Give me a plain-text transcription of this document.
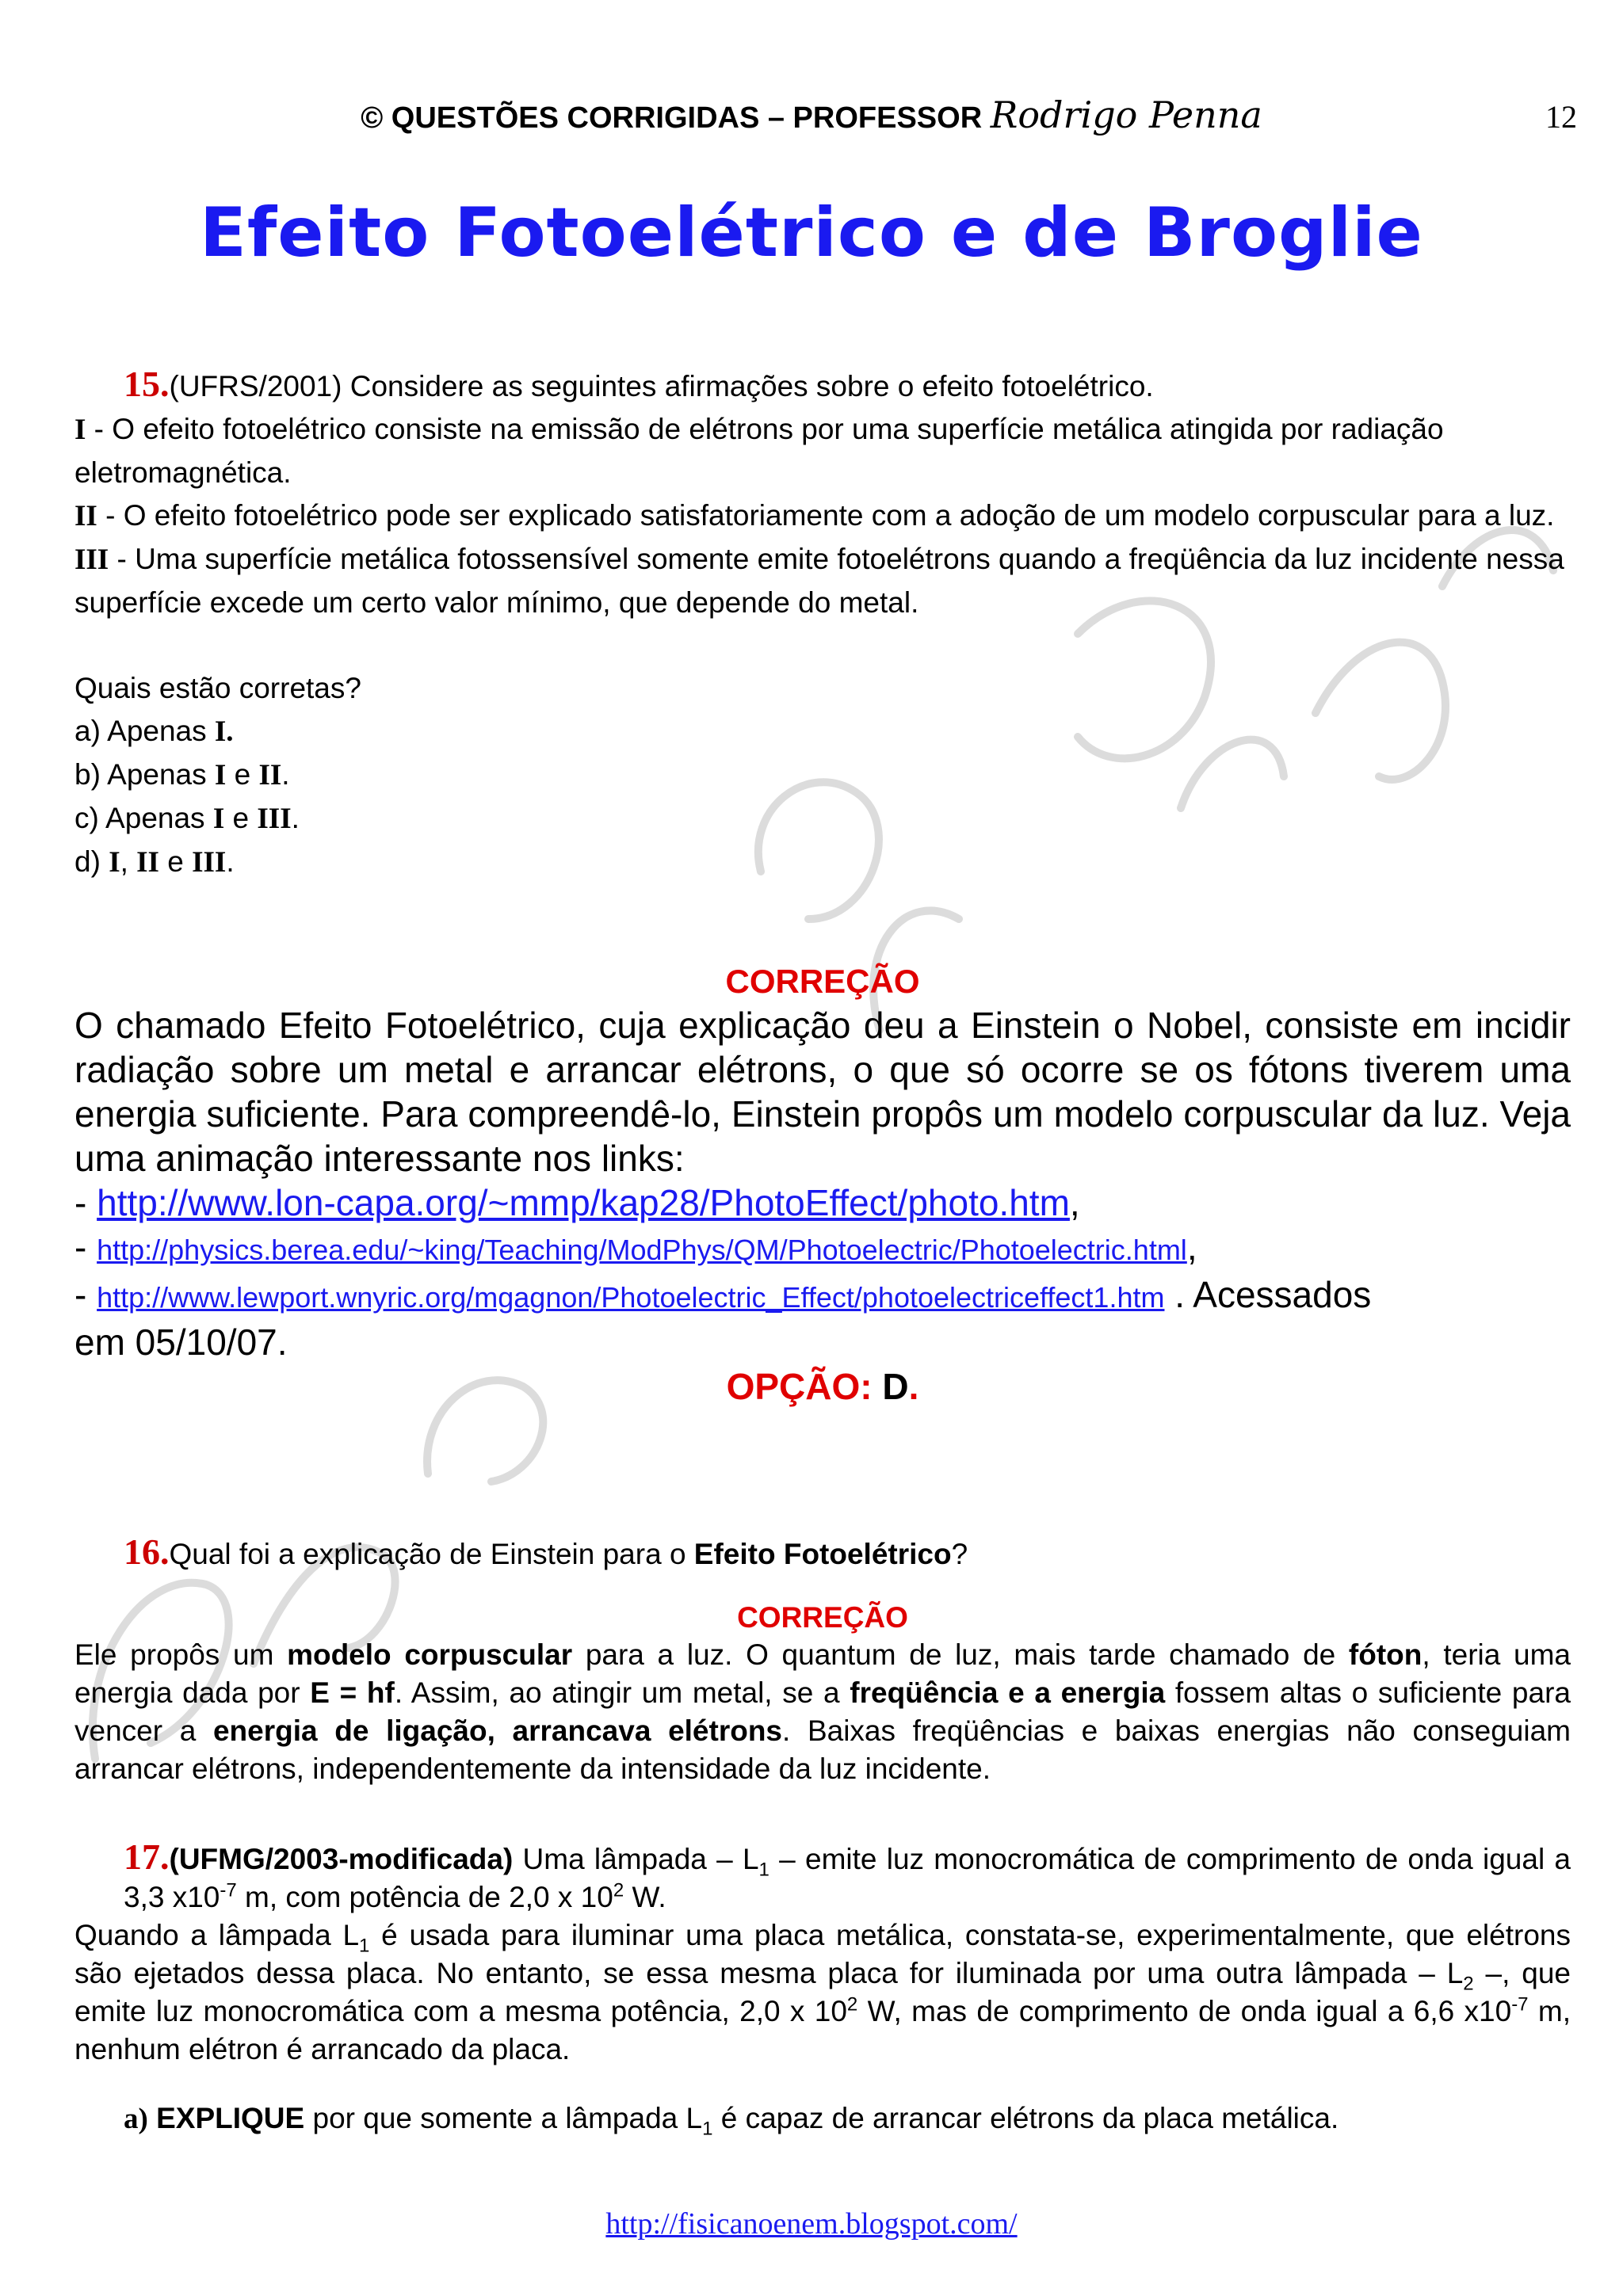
© QUESTÕES CORRIGIDAS – PROFESSOR Rodrigo Penna	12
Efeito Fotoelétrico e de Broglie

15.(UFRS/2001) Considere as seguintes afirmações sobre o efeito fotoelétrico.

I - O efeito fotoelétrico consiste na emissão de elétrons por uma superfície metálica atingida por radiação eletromagnética.

II - O efeito fotoelétrico pode ser explicado satisfatoriamente com a adoção de um modelo corpuscular para a luz.

III - Uma superfície metálica fotossensível somente emite fotoelétrons quando a freqüência da luz incidente nessa superfície excede um certo valor mínimo, que depende do metal.

Quais estão corretas?

a) Apenas I.

b) Apenas I e II.

c) Apenas I e III.

d) I, II e III.

CORREÇÃO

O chamado Efeito Fotoelétrico, cuja explicação deu a Einstein o Nobel, consiste em incidir radiação sobre um metal e arrancar elétrons, o que só ocorre se os fótons tiverem uma energia suficiente. Para compreendê-lo, Einstein propôs um modelo corpuscular da luz. Veja uma animação interessante nos links:

- http://www.lon-capa.org/~mmp/kap28/PhotoEffect/photo.htm,

- http://physics.berea.edu/~king/Teaching/ModPhys/QM/Photoelectric/Photoelectric.html,

- http://www.lewport.wnyric.org/mgagnon/Photoelectric_Effect/photoelectriceffect1.htm . Acessados

em 05/10/07.

OPÇÃO: D.

16.Qual foi a explicação de Einstein para o Efeito Fotoelétrico?

CORREÇÃO

Ele propôs um modelo corpuscular para a luz. O quantum de luz, mais tarde chamado de fóton, teria uma energia dada por E = hf. Assim, ao atingir um metal, se a freqüência e a energia fossem altas o suficiente para vencer a energia de ligação, arrancava elétrons. Baixas freqüências e baixas energias não conseguiam arrancar elétrons, independentemente da intensidade da luz incidente.

17.(UFMG/2003-modificada) Uma lâmpada – $L_1$ – emite luz monocromática de comprimento de onda igual a 3,3 $x10^{-7}$ m, com potência de 2,0 x $10^2$ W.

Quando a lâmpada $L_1$ é usada para iluminar uma placa metálica, constata-se, experimentalmente, que elétrons são ejetados dessa placa. No entanto, se essa mesma placa for iluminada por uma outra lâmpada – $L_2$ –, que emite luz monocromática com a mesma potência, 2,0 x $10^2$ W, mas de comprimento de onda igual a 6,6 $x10^{-7}$ m, nenhum elétron é arrancado da placa.

a) EXPLIQUE por que somente a lâmpada $L_1$ é capaz de arrancar elétrons da placa metálica.

http://fisicanoenem.blogspot.com/
